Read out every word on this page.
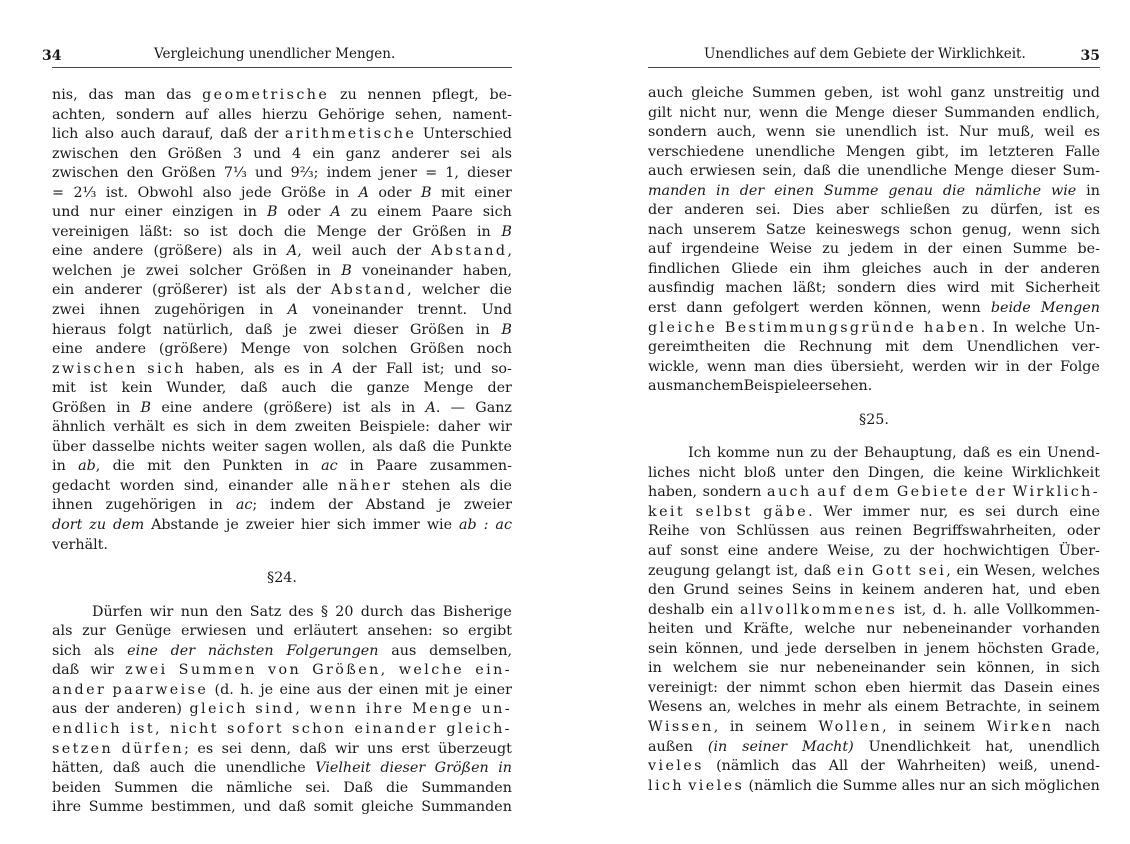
34	Vergleichung unendlicher Mengen.
nis, das man das geometrische zu nennen pflegt, be-
achten, sondern auf alles hierzu Gehörige sehen, nament-
lich also auch darauf, daß der arithmetische Unterschied
zwischen den Größen 3 und 4 ein ganz anderer sei als
zwischen den Größen 7⅓ und 9⅔; indem jener = 1, dieser
= 2⅓ ist. Obwohl also jede Größe in A oder B mit einer
und nur einer einzigen in B oder A zu einem Paare sich
vereinigen läßt: so ist doch die Menge der Größen in B
eine andere (größere) als in A, weil auch der Abstand,
welchen je zwei solcher Größen in B voneinander haben,
ein anderer (größerer) ist als der Abstand, welcher die
zwei ihnen zugehörigen in A voneinander trennt. Und
hieraus folgt natürlich, daß je zwei dieser Größen in B
eine andere (größere) Menge von solchen Größen noch
zwischen sich haben, als es in A der Fall ist; und so-
mit ist kein Wunder, daß auch die ganze Menge der
Größen in B eine andere (größere) ist als in A. — Ganz
ähnlich verhält es sich in dem zweiten Beispiele: daher wir
über dasselbe nichts weiter sagen wollen, als daß die Punkte
in ab, die mit den Punkten in ac in Paare zusammen-
gedacht worden sind, einander alle näher stehen als die
ihnen zugehörigen in ac; indem der Abstand je zweier
dort zu dem Abstande je zweier hier sich immer wie ab : ac
verhält.
§ 24.
Dürfen wir nun den Satz des § 20 durch das Bisherige
als zur Genüge erwiesen und erläutert ansehen: so ergibt
sich als eine der nächsten Folgerungen aus demselben,
daß wir zwei Summen von Größen, welche ein-
ander paarweise (d. h. je eine aus der einen mit je einer
aus der anderen) gleich sind, wenn ihre Menge un-
endlich ist, nicht sofort schon einander gleich-
setzen dürfen; es sei denn, daß wir uns erst überzeugt
hätten, daß auch die unendliche Vielheit dieser Größen in
beiden Summen die nämliche sei. Daß die Summanden
ihre Summe bestimmen, und daß somit gleiche Summanden
Unendliches auf dem Gebiete der Wirklichkeit.	35
auch gleiche Summen geben, ist wohl ganz unstreitig und
gilt nicht nur, wenn die Menge dieser Summanden endlich,
sondern auch, wenn sie unendlich ist. Nur muß, weil es
verschiedene unendliche Mengen gibt, im letzteren Falle
auch erwiesen sein, daß die unendliche Menge dieser Sum-
manden in der einen Summe genau die nämliche wie in
der anderen sei. Dies aber schließen zu dürfen, ist es
nach unserem Satze keineswegs schon genug, wenn sich
auf irgendeine Weise zu jedem in der einen Summe be-
findlichen Gliede ein ihm gleiches auch in der anderen
ausfindig machen läßt; sondern dies wird mit Sicherheit
erst dann gefolgert werden können, wenn beide Mengen
gleiche Bestimmungsgründe haben. In welche Un-
gereimtheiten die Rechnung mit dem Unendlichen ver-
wickle, wenn man dies übersieht, werden wir in der Folge
aus manchem Beispiele ersehen.
§ 25.
Ich komme nun zu der Behauptung, daß es ein Unend-
liches nicht bloß unter den Dingen, die keine Wirklichkeit
haben, sondern auch auf dem Gebiete der Wirklich-
keit selbst gäbe. Wer immer nur, es sei durch eine
Reihe von Schlüssen aus reinen Begriffswahrheiten, oder
auf sonst eine andere Weise, zu der hochwichtigen Über-
zeugung gelangt ist, daß ein Gott sei, ein Wesen, welches
den Grund seines Seins in keinem anderen hat, und eben
deshalb ein allvollkommenes ist, d. h. alle Vollkommen-
heiten und Kräfte, welche nur nebeneinander vorhanden
sein können, und jede derselben in jenem höchsten Grade,
in welchem sie nur nebeneinander sein können, in sich
vereinigt: der nimmt schon eben hiermit das Dasein eines
Wesens an, welches in mehr als einem Betrachte, in seinem
Wissen, in seinem Wollen, in seinem Wirken nach
außen (in seiner Macht) Unendlichkeit hat, unendlich
vieles (nämlich das All der Wahrheiten) weiß, unend-
lich vieles (nämlich die Summe alles nur an sich möglichen
